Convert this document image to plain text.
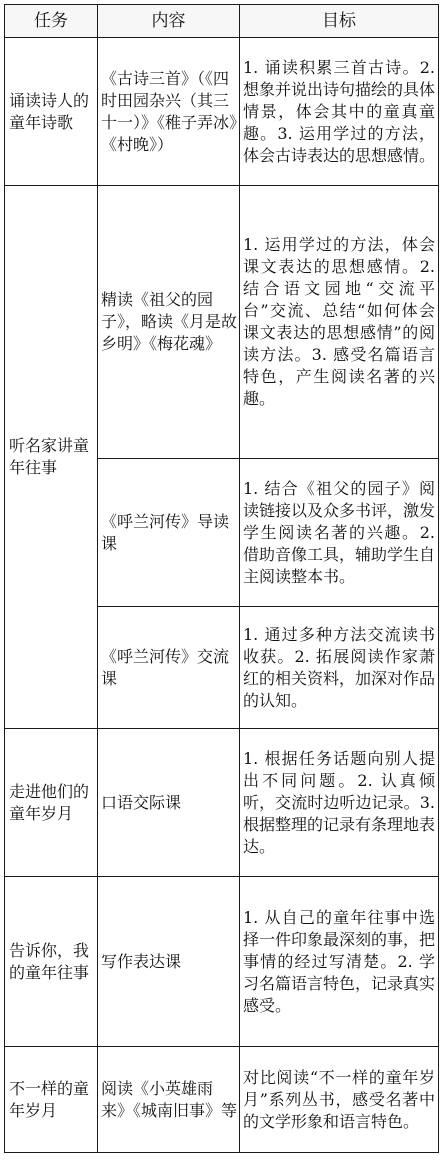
任务	内容	目标
诵读诗人的童年诗歌	《古诗三首》（《四时田园杂兴（其三十一）》《稚子弄冰》《村晚》）	1. 诵读积累三首古诗。2. 想象并说出诗句描绘的具体情景，体会其中的童真童趣。3. 运用学过的方法，体会古诗表达的思想感情。
听名家讲童年往事	精读《祖父的园子》，略读《月是故乡明》《梅花魂》	1. 运用学过的方法，体会课文表达的思想感情。2. 结合语文园地“交流平台”交流、总结“如何体会课文表达的思想感情”的阅读方法。3. 感受名篇语言特色，产生阅读名著的兴趣。
	《呼兰河传》导读课	1. 结合《祖父的园子》阅读链接以及众多书评，激发学生阅读名著的兴趣。2. 借助音像工具，辅助学生自主阅读整本书。
	《呼兰河传》交流课	1. 通过多种方法交流读书收获。2. 拓展阅读作家萧红的相关资料，加深对作品的认知。
走进他们的童年岁月	口语交际课	1. 根据任务话题向别人提出不同问题。2. 认真倾听，交流时边听边记录。3. 根据整理的记录有条理地表达。
告诉你，我的童年往事	写作表达课	1. 从自己的童年往事中选择一件印象最深刻的事，把事情的经过写清楚。2. 学习名篇语言特色，记录真实感受。
不一样的童年岁月	阅读《小英雄雨来》《城南旧事》等	对比阅读“不一样的童年岁月”系列丛书，感受名著中的文学形象和语言特色。
